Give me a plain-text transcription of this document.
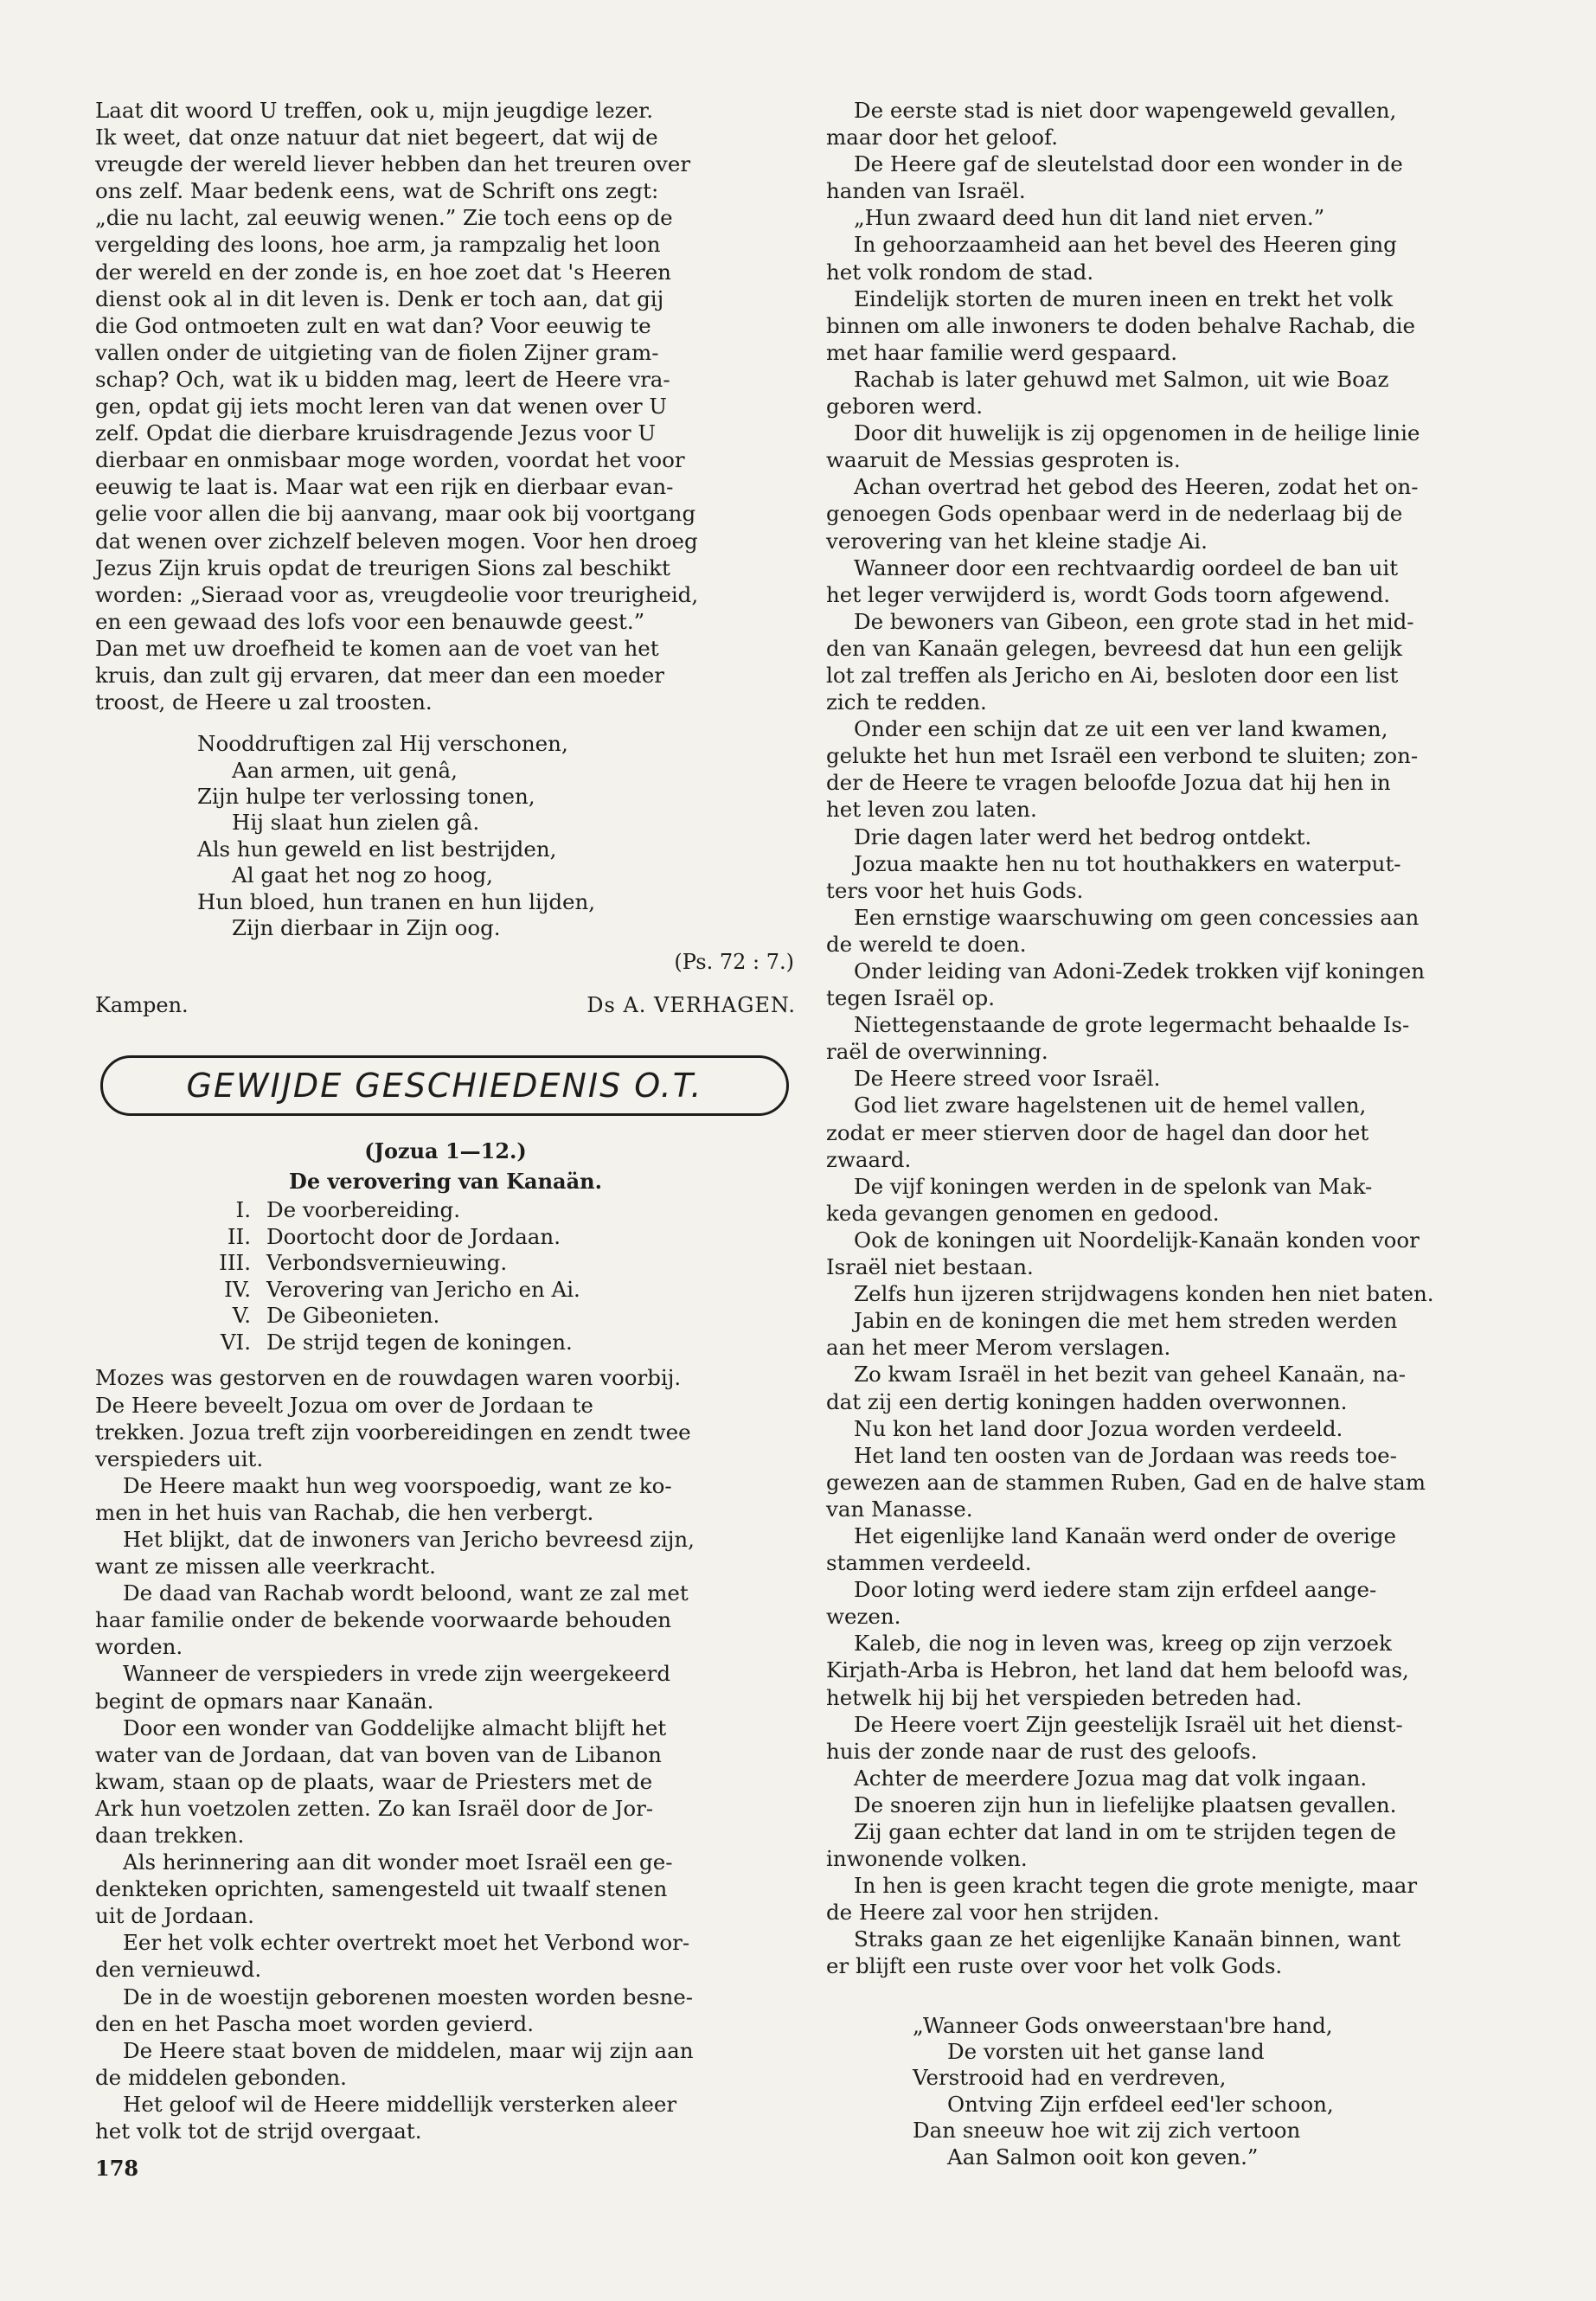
Laat dit woord U treffen, ook u, mijn jeugdige lezer.
Ik weet, dat onze natuur dat niet begeert, dat wij de
vreugde der wereld liever hebben dan het treuren over
ons zelf. Maar bedenk eens, wat de Schrift ons zegt:
„die nu lacht, zal eeuwig wenen.” Zie toch eens op de
vergelding des loons, hoe arm, ja rampzalig het loon
der wereld en der zonde is, en hoe zoet dat 's Heeren
dienst ook al in dit leven is. Denk er toch aan, dat gij
die God ontmoeten zult en wat dan? Voor eeuwig te
vallen onder de uitgieting van de fiolen Zijner gram-
schap? Och, wat ik u bidden mag, leert de Heere vra-
gen, opdat gij iets mocht leren van dat wenen over U
zelf. Opdat die dierbare kruisdragende Jezus voor U
dierbaar en onmisbaar moge worden, voordat het voor
eeuwig te laat is. Maar wat een rijk en dierbaar evan-
gelie voor allen die bij aanvang, maar ook bij voortgang
dat wenen over zichzelf beleven mogen. Voor hen droeg
Jezus Zijn kruis opdat de treurigen Sions zal beschikt
worden: „Sieraad voor as, vreugdeolie voor treurigheid,
en een gewaad des lofs voor een benauwde geest.”
Dan met uw droefheid te komen aan de voet van het
kruis, dan zult gij ervaren, dat meer dan een moeder
troost, de Heere u zal troosten.

Nooddruftigen zal Hij verschonen,
Aan armen, uit genâ,
Zijn hulpe ter verlossing tonen,
Hij slaat hun zielen gâ.
Als hun geweld en list bestrijden,
Al gaat het nog zo hoog,
Hun bloed, hun tranen en hun lijden,
Zijn dierbaar in Zijn oog.
(Ps. 72 : 7.)
Kampen.	Ds A. VERHAGEN.
GEWIJDE GESCHIEDENIS O.T.
(Jozua 1—12.)
De verovering van Kanaän.
I. De voorbereiding.
II. Doortocht door de Jordaan.
III. Verbondsvernieuwing.
IV. Verovering van Jericho en Ai.
V. De Gibeonieten.
VI. De strijd tegen de koningen.

Mozes was gestorven en de rouwdagen waren voorbij.
De Heere beveelt Jozua om over de Jordaan te
trekken. Jozua treft zijn voorbereidingen en zendt twee
verspieders uit.

De Heere maakt hun weg voorspoedig, want ze ko-
men in het huis van Rachab, die hen verbergt.

Het blijkt, dat de inwoners van Jericho bevreesd zijn,
want ze missen alle veerkracht.

De daad van Rachab wordt beloond, want ze zal met
haar familie onder de bekende voorwaarde behouden
worden.

Wanneer de verspieders in vrede zijn weergekeerd
begint de opmars naar Kanaän.

Door een wonder van Goddelijke almacht blijft het
water van de Jordaan, dat van boven van de Libanon
kwam, staan op de plaats, waar de Priesters met de
Ark hun voetzolen zetten. Zo kan Israël door de Jor-
daan trekken.

Als herinnering aan dit wonder moet Israël een ge-
denkteken oprichten, samengesteld uit twaalf stenen
uit de Jordaan.

Eer het volk echter overtrekt moet het Verbond wor-
den vernieuwd.

De in de woestijn geborenen moesten worden besne-
den en het Pascha moet worden gevierd.

De Heere staat boven de middelen, maar wij zijn aan
de middelen gebonden.

Het geloof wil de Heere middellijk versterken aleer
het volk tot de strijd overgaat.

De eerste stad is niet door wapengeweld gevallen,
maar door het geloof.

De Heere gaf de sleutelstad door een wonder in de
handen van Israël.

„Hun zwaard deed hun dit land niet erven.”

In gehoorzaamheid aan het bevel des Heeren ging
het volk rondom de stad.

Eindelijk storten de muren ineen en trekt het volk
binnen om alle inwoners te doden behalve Rachab, die
met haar familie werd gespaard.

Rachab is later gehuwd met Salmon, uit wie Boaz
geboren werd.

Door dit huwelijk is zij opgenomen in de heilige linie
waaruit de Messias gesproten is.

Achan overtrad het gebod des Heeren, zodat het on-
genoegen Gods openbaar werd in de nederlaag bij de
verovering van het kleine stadje Ai.

Wanneer door een rechtvaardig oordeel de ban uit
het leger verwijderd is, wordt Gods toorn afgewend.

De bewoners van Gibeon, een grote stad in het mid-
den van Kanaän gelegen, bevreesd dat hun een gelijk
lot zal treffen als Jericho en Ai, besloten door een list
zich te redden.

Onder een schijn dat ze uit een ver land kwamen,
gelukte het hun met Israël een verbond te sluiten; zon-
der de Heere te vragen beloofde Jozua dat hij hen in
het leven zou laten.

Drie dagen later werd het bedrog ontdekt.

Jozua maakte hen nu tot houthakkers en waterput-
ters voor het huis Gods.

Een ernstige waarschuwing om geen concessies aan
de wereld te doen.

Onder leiding van Adoni-Zedek trokken vijf koningen
tegen Israël op.

Niettegenstaande de grote legermacht behaalde Is-
raël de overwinning.

De Heere streed voor Israël.

God liet zware hagelstenen uit de hemel vallen,
zodat er meer stierven door de hagel dan door het
zwaard.

De vijf koningen werden in de spelonk van Mak-
keda gevangen genomen en gedood.

Ook de koningen uit Noordelijk-Kanaän konden voor
Israël niet bestaan.

Zelfs hun ijzeren strijdwagens konden hen niet baten.

Jabin en de koningen die met hem streden werden
aan het meer Merom verslagen.

Zo kwam Israël in het bezit van geheel Kanaän, na-
dat zij een dertig koningen hadden overwonnen.

Nu kon het land door Jozua worden verdeeld.

Het land ten oosten van de Jordaan was reeds toe-
gewezen aan de stammen Ruben, Gad en de halve stam
van Manasse.

Het eigenlijke land Kanaän werd onder de overige
stammen verdeeld.

Door loting werd iedere stam zijn erfdeel aange-
wezen.

Kaleb, die nog in leven was, kreeg op zijn verzoek
Kirjath-Arba is Hebron, het land dat hem beloofd was,
hetwelk hij bij het verspieden betreden had.

De Heere voert Zijn geestelijk Israël uit het dienst-
huis der zonde naar de rust des geloofs.

Achter de meerdere Jozua mag dat volk ingaan.

De snoeren zijn hun in liefelijke plaatsen gevallen.

Zij gaan echter dat land in om te strijden tegen de
inwonende volken.

In hen is geen kracht tegen die grote menigte, maar
de Heere zal voor hen strijden.

Straks gaan ze het eigenlijke Kanaän binnen, want
er blijft een ruste over voor het volk Gods.

„Wanneer Gods onweerstaan'bre hand,
De vorsten uit het ganse land
Verstrooid had en verdreven,
Ontving Zijn erfdeel eed'ler schoon,
Dan sneeuw hoe wit zij zich vertoon
Aan Salmon ooit kon geven.”
178
